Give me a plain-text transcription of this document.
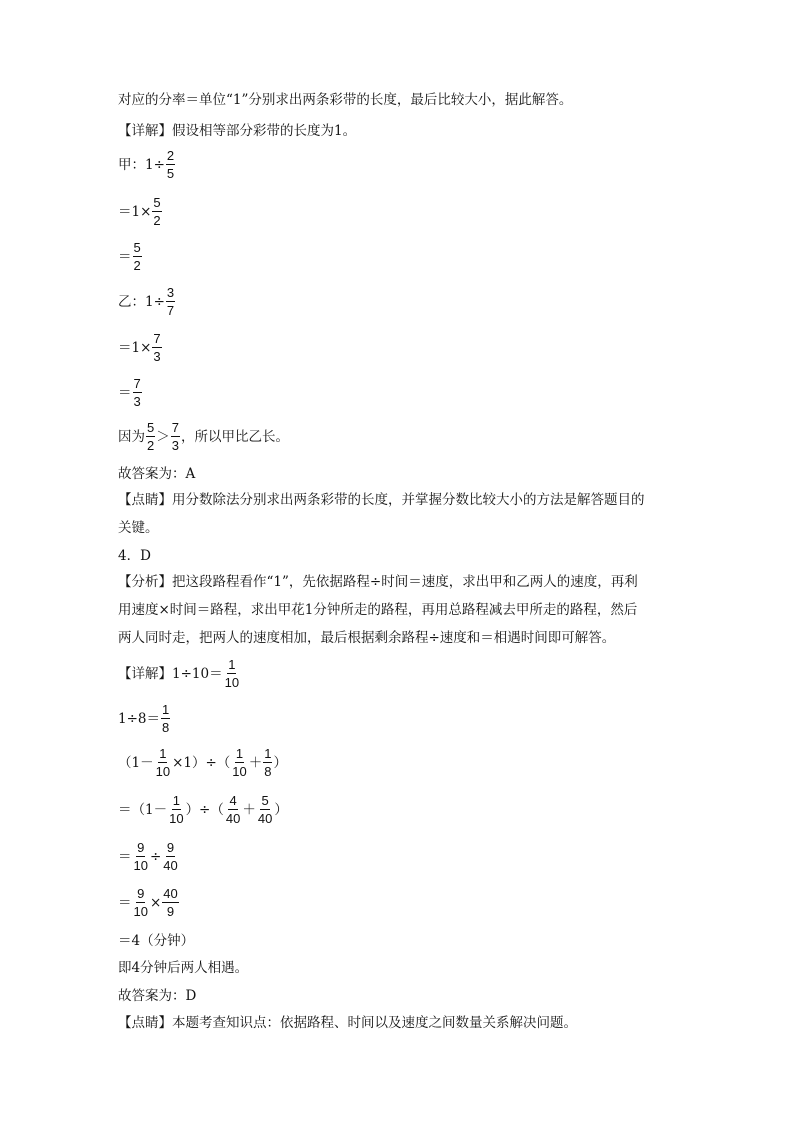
对应的分率＝单位“1”分别求出两条彩带的长度，最后比较大小，据此解答。
【详解】假设相等部分彩带的长度为1。
甲：$1\div \frac{2}{5}$
$=1\times \frac{5}{2}$
＝ $\frac{5}{2}$
乙：$1\div \frac{3}{7}$
$=1\times \frac{7}{3}$
＝ $\frac{7}{3}$
因为 $\frac{5}{2} > \frac{7}{3}$ ，所以甲比乙长。
故答案为：A
【点睛】用分数除法分别求出两条彩带的长度，并掌握分数比较大小的方法是解答题目的
关键。
4．D
【分析】把这段路程看作“1”，先依据路程÷时间＝速度，求出甲和乙两人的速度，再利
用速度×时间＝路程，求出甲花1分钟所走的路程，再用总路程减去甲所走的路程，然后
两人同时走，把两人的速度相加，最后根据剩余路程÷速度和＝相遇时间即可解答。
【详解】$1\div 10= \frac{1}{10}$
$1\div 8= \frac{1}{8}$
$(1- \frac{1}{10} \times 1)\div( \frac{1}{10} + \frac{1}{8}$ ）
$=(1- \frac{1}{10}$ ）÷（ $\frac{4}{40} + \frac{5}{40}$ ）
＝ $\frac{9}{10} \div \frac{9}{40}$
＝ $\frac{9}{10} \times \frac{40}{9}$
＝4（分钟）
即4分钟后两人相遇。
故答案为：D
【点睛】本题考查知识点：依据路程、时间以及速度之间数量关系解决问题。
